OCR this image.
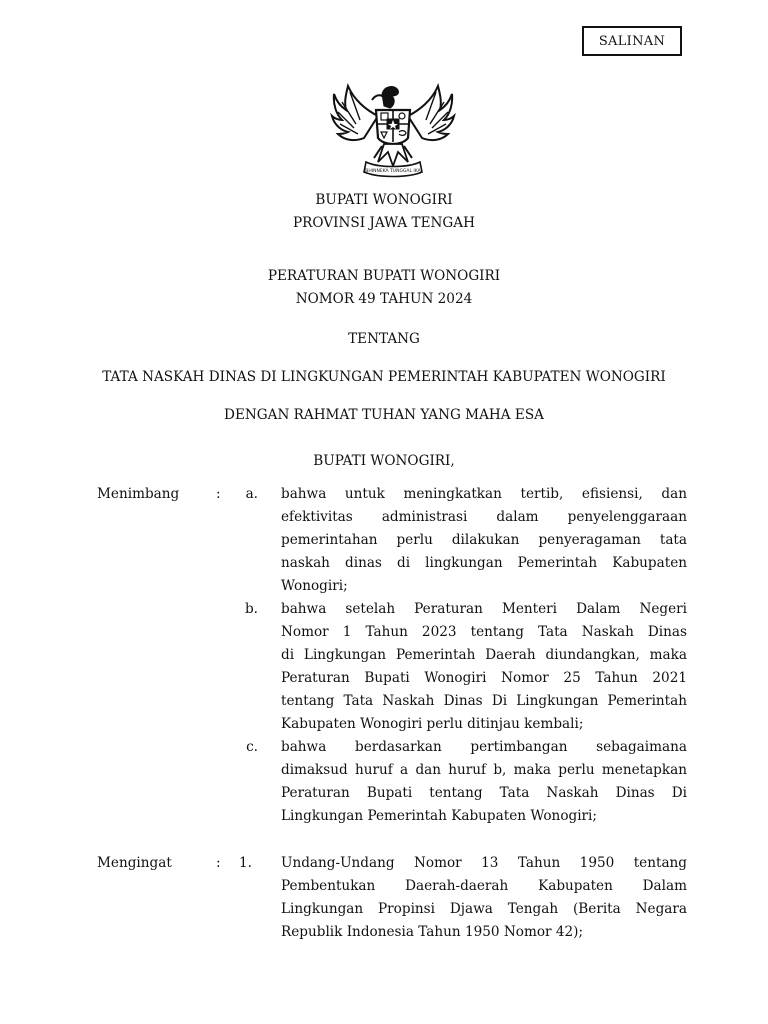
SALINAN
BHINNEKA TUNGGAL IKA
BUPATI WONOGIRI
PROVINSI JAWA TENGAH
PERATURAN BUPATI WONOGIRI
NOMOR 49 TAHUN 2024
TENTANG
TATA NASKAH DINAS DI LINGKUNGAN PEMERINTAH KABUPATEN WONOGIRI
DENGAN RAHMAT TUHAN YANG MAHA ESA
BUPATI WONOGIRI,
Menimbang	:	a. bahwa untuk meningkatkan tertib, efisiensi, dan
efektivitas administrasi dalam penyelenggaraan
pemerintahan perlu dilakukan penyeragaman tata
naskah dinas di lingkungan Pemerintah Kabupaten
Wonogiri;
b. bahwa setelah Peraturan Menteri Dalam Negeri
Nomor 1 Tahun 2023 tentang Tata Naskah Dinas
di Lingkungan Pemerintah Daerah diundangkan, maka
Peraturan Bupati Wonogiri Nomor 25 Tahun 2021
tentang Tata Naskah Dinas Di Lingkungan Pemerintah
Kabupaten Wonogiri perlu ditinjau kembali;
c. bahwa berdasarkan pertimbangan sebagaimana
dimaksud huruf a dan huruf b, maka perlu menetapkan
Peraturan Bupati tentang Tata Naskah Dinas Di
Lingkungan Pemerintah Kabupaten Wonogiri;
Mengingat	:	1. Undang-Undang Nomor 13 Tahun 1950 tentang
Pembentukan Daerah-daerah Kabupaten Dalam
Lingkungan Propinsi Djawa Tengah (Berita Negara
Republik Indonesia Tahun 1950 Nomor 42);
